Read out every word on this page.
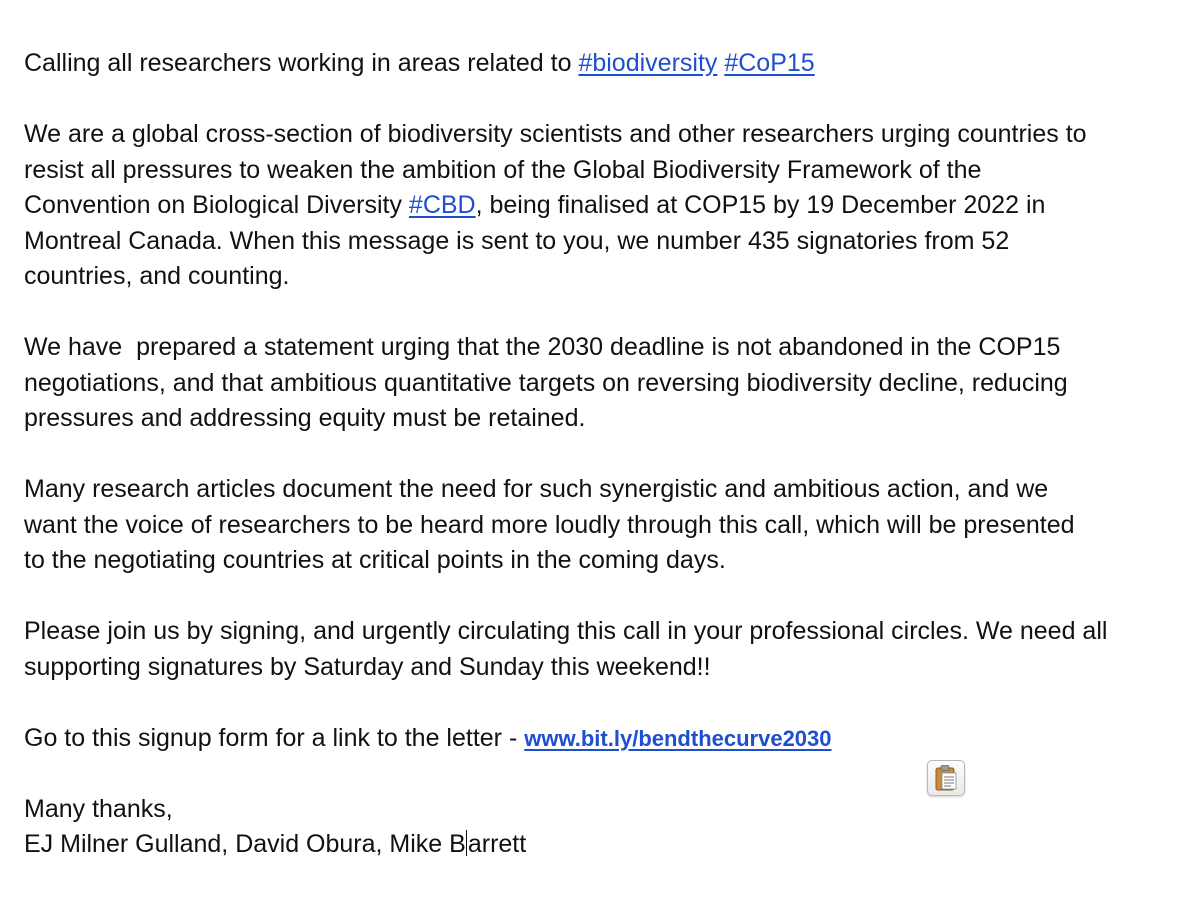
Calling all researchers working in areas related to #biodiversity #CoP15

We are a global cross-section of biodiversity scientists and other researchers urging countries to
resist all pressures to weaken the ambition of the Global Biodiversity Framework of the
Convention on Biological Diversity #CBD, being finalised at COP15 by 19 December 2022 in
Montreal Canada. When this message is sent to you, we number 435 signatories from 52
countries, and counting.

We have  prepared a statement urging that the 2030 deadline is not abandoned in the COP15
negotiations, and that ambitious quantitative targets on reversing biodiversity decline, reducing
pressures and addressing equity must be retained.

Many research articles document the need for such synergistic and ambitious action, and we
want the voice of researchers to be heard more loudly through this call, which will be presented
to the negotiating countries at critical points in the coming days.

Please join us by signing, and urgently circulating this call in your professional circles. We need all
supporting signatures by Saturday and Sunday this weekend!!

Go to this signup form for a link to the letter - www.bit.ly/bendthecurve2030

Many thanks,
EJ Milner Gulland, David Obura, Mike Barrett
